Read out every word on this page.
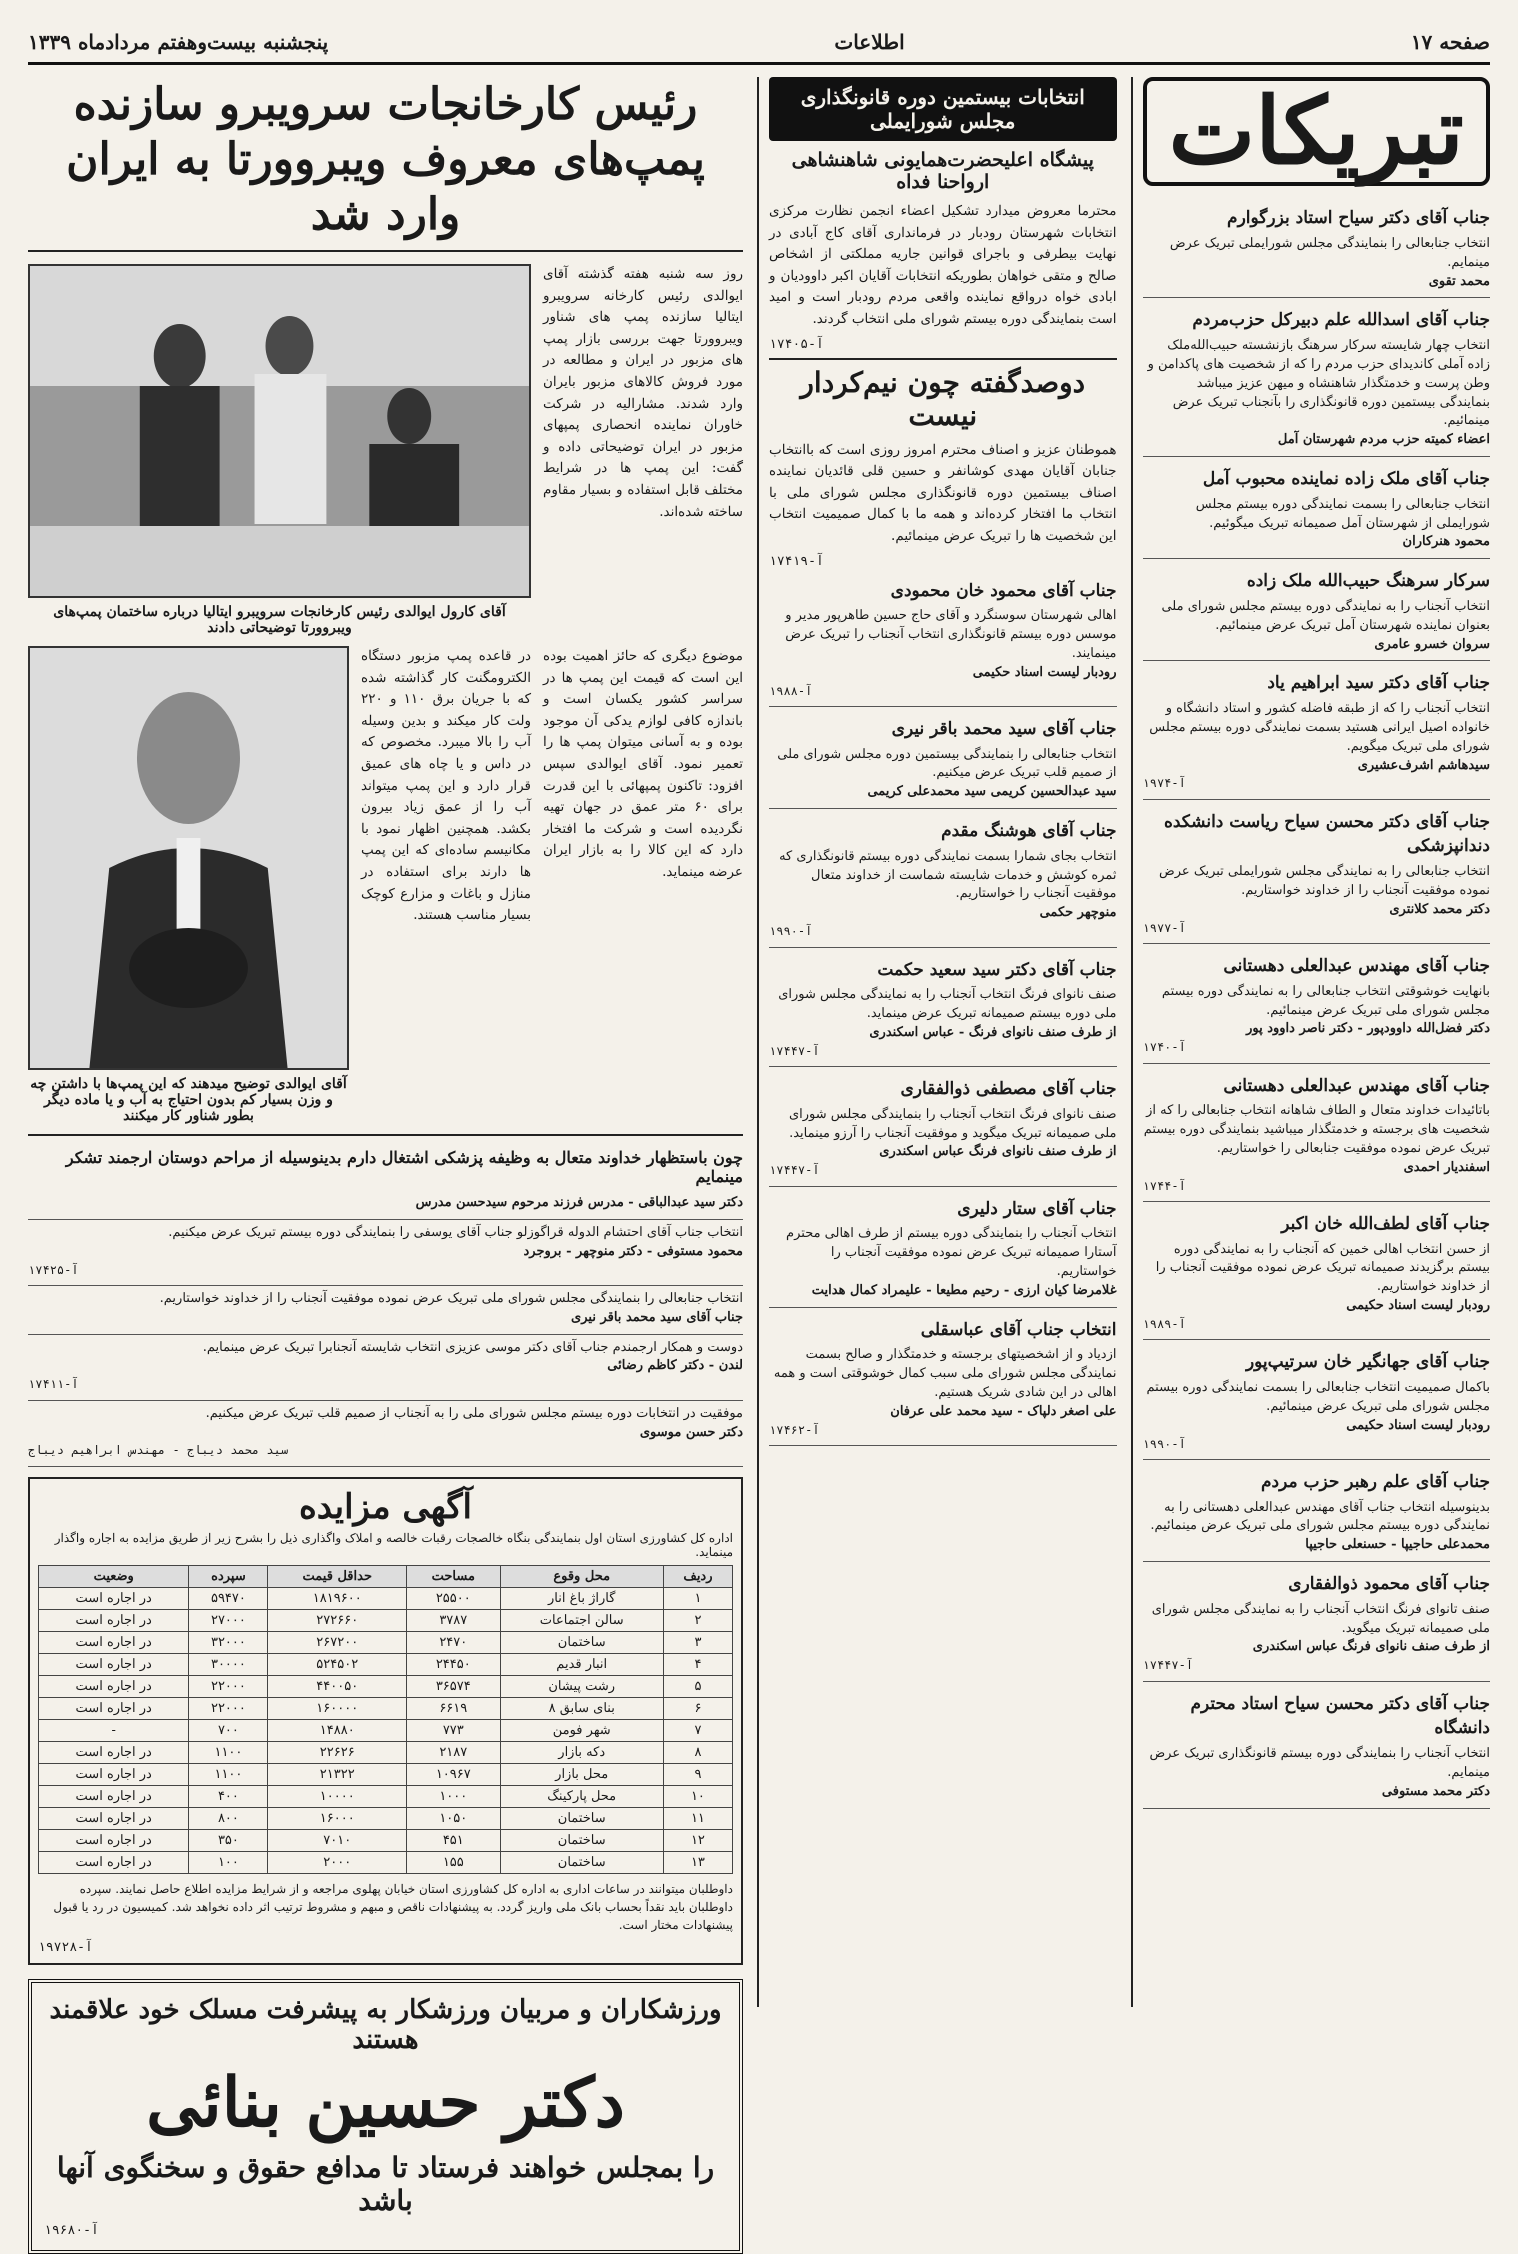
صفحه ۱۷
اطلاعات
پنجشنبه بیست‌وهفتم مردادماه ۱۳۳۹
تبریکات
جناب آقای دکتر سیاح استاد بزرگوارم
انتخاب جنابعالی را بنمایندگی مجلس شورایملی تبریک عرض مینمایم.
محمد تقوی
جناب آقای اسدالله علم دبیرکل حزب‌مردم
انتخاب چهار شایسته سرکار سرهنگ بازنشسته حبیب‌الله‌ملک زاده آملی کاندیدای حزب مردم را که از شخصیت های پاکدامن و وطن پرست و خدمتگذار شاهنشاه و میهن عزیز میباشد بنمایندگی بیستمین دوره قانونگذاری را بآنجناب تبریک عرض مینمائیم.
اعضاء کمیته حزب مردم شهرستان آمل
جناب آقای ملک زاده نماینده محبوب آمل
انتخاب جنابعالی را بسمت نمایندگی دوره بیستم مجلس شورایملی از شهرستان آمل صمیمانه تبریک میگوئیم.
محمود هنرکاران
سرکار سرهنگ حبیب‌الله ملک زاده
انتخاب آنجناب را به نمایندگی دوره بیستم مجلس شورای ملی بعنوان نماینده شهرستان آمل تبریک عرض مینمائیم.
سروان خسرو عامری
جناب آقای دکتر سید ابراهیم یاد
انتخاب آنجناب را که از طبقه فاضله کشور و استاد دانشگاه و خانواده اصیل ایرانی هستید بسمت نمایندگی دوره بیستم مجلس شورای ملی تبریک میگویم.
سیدهاشم اشرف‌عشیری
آ-۱۹۷۴
جناب آقای دکتر محسن سیاح ریاست دانشکده دندانپزشکی
انتخاب جنابعالی را به نمایندگی مجلس شورایملی تبریک عرض نموده موفقیت آنجناب را از خداوند خواستاریم.
دکتر محمد کلانتری
آ-۱۹۷۷
جناب آقای مهندس عبدالعلی دهستانی
بانهایت خوشوقتی انتخاب جنابعالی را به نمایندگی دوره بیستم مجلس شورای ملی تبریک عرض مینمائیم.
دکتر فضل‌الله داوودپور - دکتر ناصر داوود پور
آ-۱۷۴۰
جناب آقای مهندس عبدالعلی دهستانی
باتائیدات خداوند متعال و الطاف شاهانه انتخاب جنابعالی را که از شخصیت های برجسته و خدمتگذار میباشید بنمایندگی دوره بیستم تبریک عرض نموده موفقیت جنابعالی را خواستاریم.
اسفندیار احمدی
آ-۱۷۴۴
جناب آقای لطف‌الله خان اکبر
از حسن انتخاب اهالی خمین که آنجناب را به نمایندگی دوره بیستم برگزیدند صمیمانه تبریک عرض نموده موفقیت آنجناب را از خداوند خواستاریم.
رودبار لیست اسناد حکیمی
آ-۱۹۸۹
جناب آقای جهانگیر خان سرتیپ‌پور
باکمال صمیمیت انتخاب جنابعالی را بسمت نمایندگی دوره بیستم مجلس شورای ملی تبریک عرض مینمائیم.
رودبار لیست اسناد حکیمی
آ-۱۹۹۰
جناب آقای علم رهبر حزب مردم
بدینوسیله انتخاب جناب آقای مهندس عبدالعلی دهستانی را به نمایندگی دوره بیستم مجلس شورای ملی تبریک عرض مینمائیم.
محمدعلی حاجیپا - حسنعلی حاجیپا
جناب آقای محمود ذوالفقاری
صنف تانوای فرنگ انتخاب آنجناب را به نمایندگی مجلس شورای ملی صمیمانه تبریک میگوید.
از طرف صنف نانوای فرنگ عباس اسکندری
آ-۱۷۴۴۷
جناب آقای دکتر محسن سیاح استاد محترم دانشگاه
انتخاب آنجناب را بنمایندگی دوره بیستم قانونگذاری تبریک عرض مینمایم.
دکتر محمد مستوفی
انتخابات بیستمین دوره قانونگذاری مجلس شورایملی
پیشگاه اعلیحضرت‌همایونی شاهنشاهی ارواحنا فداه
محترما معروض میدارد تشکیل اعضاء انجمن نظارت مرکزی انتخابات شهرستان رودبار در فرمانداری آقای کاج آبادی در نهایت بیطرفی و باجرای قوانین جاریه مملکتی از اشخاص صالح و متقی خواهان بطوریکه انتخابات آقایان اکبر داوودیان و ابادی خواه درواقع نماینده واقعی مردم رودبار است و امید است بنمایندگی دوره بیستم شورای ملی انتخاب گردند.
آ-۱۷۴۰۵
دوصدگفته چون نیم‌کردار نیست
هموطنان عزیز و اصناف محترم امروز روزی است که باانتخاب جنابان آقایان مهدی کوشانفر و حسین قلی قائدیان نماینده اصناف بیستمین دوره قانونگذاری مجلس شورای ملی با انتخاب ما افتخار کرده‌اند و همه ما با کمال صمیمیت انتخاب این شخصیت ها را تبریک عرض مینمائیم.
آ-۱۷۴۱۹
جناب آقای محمود خان محمودی
اهالی شهرستان سوسنگرد و آقای حاج حسین طاهرپور مدیر و موسس دوره بیستم قانونگذاری انتخاب آنجناب را تبریک عرض مینمایند.
رودبار لیست اسناد حکیمی
آ-۱۹۸۸
جناب آقای سید محمد باقر نیری
انتخاب جنابعالی را بنمایندگی بیستمین دوره مجلس شورای ملی از صمیم قلب تبریک عرض میکنیم.
سید عبدالحسین کریمی سید محمدعلی کریمی
جناب آقای هوشنگ مقدم
انتخاب بجای شمارا بسمت نمایندگی دوره بیستم قانونگذاری که ثمره کوشش و خدمات شایسته شماست از خداوند متعال موفقیت آنجناب را خواستاریم.
منوچهر حکمی
آ-۱۹۹۰
جناب آقای دکتر سید سعید حکمت
صنف نانوای فرنگ انتخاب آنجناب را به نمایندگی مجلس شورای ملی دوره بیستم صمیمانه تبریک عرض مینماید.
از طرف صنف نانوای فرنگ - عباس اسکندری
آ-۱۷۴۴۷
جناب آقای مصطفی ذوالفقاری
صنف نانوای فرنگ انتخاب آنجناب را بنمایندگی مجلس شورای ملی صمیمانه تبریک میگوید و موفقیت آنجناب را آرزو مینماید.
از طرف صنف نانوای فرنگ عباس اسکندری
آ-۱۷۴۴۷
جناب آقای ستار دلیری
انتخاب آنجناب را بنمایندگی دوره بیستم از طرف اهالی محترم آستارا صمیمانه تبریک عرض نموده موفقیت آنجناب را خواستاریم.
غلامرضا کیان ارزی - رحیم مطیعا - علیمراد کمال هدایت
انتخاب جناب آقای عباسقلی
ازدیاد و از اشخصیتهای برجسته و خدمتگذار و صالح بسمت نمایندگی مجلس شورای ملی سبب کمال خوشوقتی است و همه اهالی در این شادی شریک هستیم.
علی اصغر دلپاک - سید محمد علی عرفان
آ-۱۷۴۶۲
رئیس کارخانجات سرویبرو سازنده پمپ‌های معروف ویبروورتا به ایران وارد شد
روز سه شنبه هفته گذشته آقای ایوالدی رئیس کارخانه سرویبرو ایتالیا سازنده پمپ های شناور ویبروورتا جهت بررسی بازار پمپ های مزبور در ایران و مطالعه در مورد فروش کالاهای مزبور بایران وارد شدند. مشارالیه در شرکت خاوران نماینده انحصاری پمپهای مزبور در ایران توضیحاتی داده و گفت: این پمپ ها در شرایط مختلف قابل استفاده و بسیار مقاوم ساخته شده‌اند.
آقای کارول ایوالدی رئیس کارخانجات سرویبرو ایتالیا درباره ساختمان پمپ‌های ویبروورتا توضیحاتی دادند
موضوع دیگری که حائز اهمیت بوده این است که قیمت این پمپ ها در سراسر کشور یکسان است و باندازه کافی لوازم یدکی آن موجود بوده و به آسانی میتوان پمپ ها را تعمیر نمود. آقای ایوالدی سپس افزود: تاکنون پمپهائی با این قدرت برای ۶۰ متر عمق در جهان تهیه نگردیده است و شرکت ما افتخار دارد که این کالا را به بازار ایران عرضه مینماید.
در قاعده پمپ مزبور دستگاه الکترومگنت کار گذاشته شده که با جریان برق ۱۱۰ و ۲۲۰ ولت کار میکند و بدین وسیله آب را بالا میبرد. مخصوص که در داس و یا چاه های عمیق قرار دارد و این پمپ میتواند آب را از عمق زیاد بیرون بکشد. همچنین اظهار نمود با مکانیسم ساده‌ای که این پمپ ها دارند برای استفاده در منازل و باغات و مزارع کوچک بسیار مناسب هستند.
آقای ایوالدی توضیح میدهند که این پمپ‌ها با داشتن چه و وزن بسیار کم بدون احتیاج به آب و یا ماده دیگر بطور شناور کار میکنند
چون باستظهار خداوند متعال به وظیفه پزشکی اشتغال دارم بدینوسیله از مراحم دوستان ارجمند تشکر مینمایم
دکتر سید عبدالباقی - مدرس فرزند مرحوم سیدحسن مدرس
انتخاب جناب آقای احتشام الدوله قراگوزلو جناب آقای یوسفی را بنمایندگی دوره بیستم تبریک عرض میکنیم.
محمود مستوفی - دکتر منوچهر - بروجرد
آ-۱۷۴۲۵
انتخاب جنابعالی را بنمایندگی مجلس شورای ملی تبریک عرض نموده موفقیت آنجناب را از خداوند خواستاریم.
جناب آقای سید محمد باقر نیری
دوست و همکار ارجمندم جناب آقای دکتر موسی عزیزی انتخاب شایسته آنجنابرا تبریک عرض مینمایم.
لندن - دکتر کاظم رضائی
آ-۱۷۴۱۱
موفقیت در انتخابات دوره بیستم مجلس شورای ملی را به آنجناب از صمیم قلب تبریک عرض میکنیم.
دکتر حسن موسوی
سید محمد دیباج - مهندس ابراهیم دیباج
آگهی مزایده
اداره کل کشاورزی استان اول بنمایندگی بنگاه خالصجات رقبات خالصه و املاک واگذاری ذیل را بشرح زیر از طریق مزایده به اجاره واگذار مینماید.
ردیف	محل وقوع	مساحت	حداقل قیمت	سپرده	وضعیت
۱	گاراژ باغ انار	۲۵۵۰۰	۱۸۱۹۶۰۰	۵۹۴۷۰	در اجاره است
۲	سالن اجتماعات	۳۷۸۷	۲۷۲۶۶۰	۲۷۰۰۰	در اجاره است
۳	ساختمان	۲۴۷۰	۲۶۷۲۰۰	۳۲۰۰۰	در اجاره است
۴	انبار قدیم	۲۴۴۵۰	۵۲۴۵۰۲	۳۰۰۰۰	در اجاره است
۵	رشت پیشان	۳۶۵۷۴	۴۴۰۰۵۰	۲۲۰۰۰	در اجاره است
۶	بنای سابق ۸	۶۶۱۹	۱۶۰۰۰۰	۲۲۰۰۰	در اجاره است
۷	شهر فومن	۷۷۳	۱۴۸۸۰	۷۰۰	-
۸	دکه بازار	۲۱۸۷	۲۲۶۲۶	۱۱۰۰	در اجاره است
۹	محل بازار	۱۰۹۶۷	۲۱۳۲۲	۱۱۰۰	در اجاره است
۱۰	محل پارکینگ	۱۰۰۰	۱۰۰۰۰	۴۰۰	در اجاره است
۱۱	ساختمان	۱۰۵۰	۱۶۰۰۰	۸۰۰	در اجاره است
۱۲	ساختمان	۴۵۱	۷۰۱۰	۳۵۰	در اجاره است
۱۳	ساختمان	۱۵۵	۲۰۰۰	۱۰۰	در اجاره است
داوطلبان میتوانند در ساعات اداری به اداره کل کشاورزی استان خیابان پهلوی مراجعه و از شرایط مزایده اطلاع حاصل نمایند. سپرده داوطلبان باید نقداً بحساب بانک ملی واریز گردد. به پیشنهادات ناقص و مبهم و مشروط ترتیب اثر داده نخواهد شد. کمیسیون در رد یا قبول پیشنهادات مختار است.
آ-۱۹۷۲۸
ورزشکاران و مربیان ورزشکار به پیشرفت مسلک خود علاقمند هستند
دکتر حسین بنائی
را بمجلس خواهند فرستاد تا مدافع حقوق و سخنگوی آنها باشد
آ-۱۹۶۸۰
